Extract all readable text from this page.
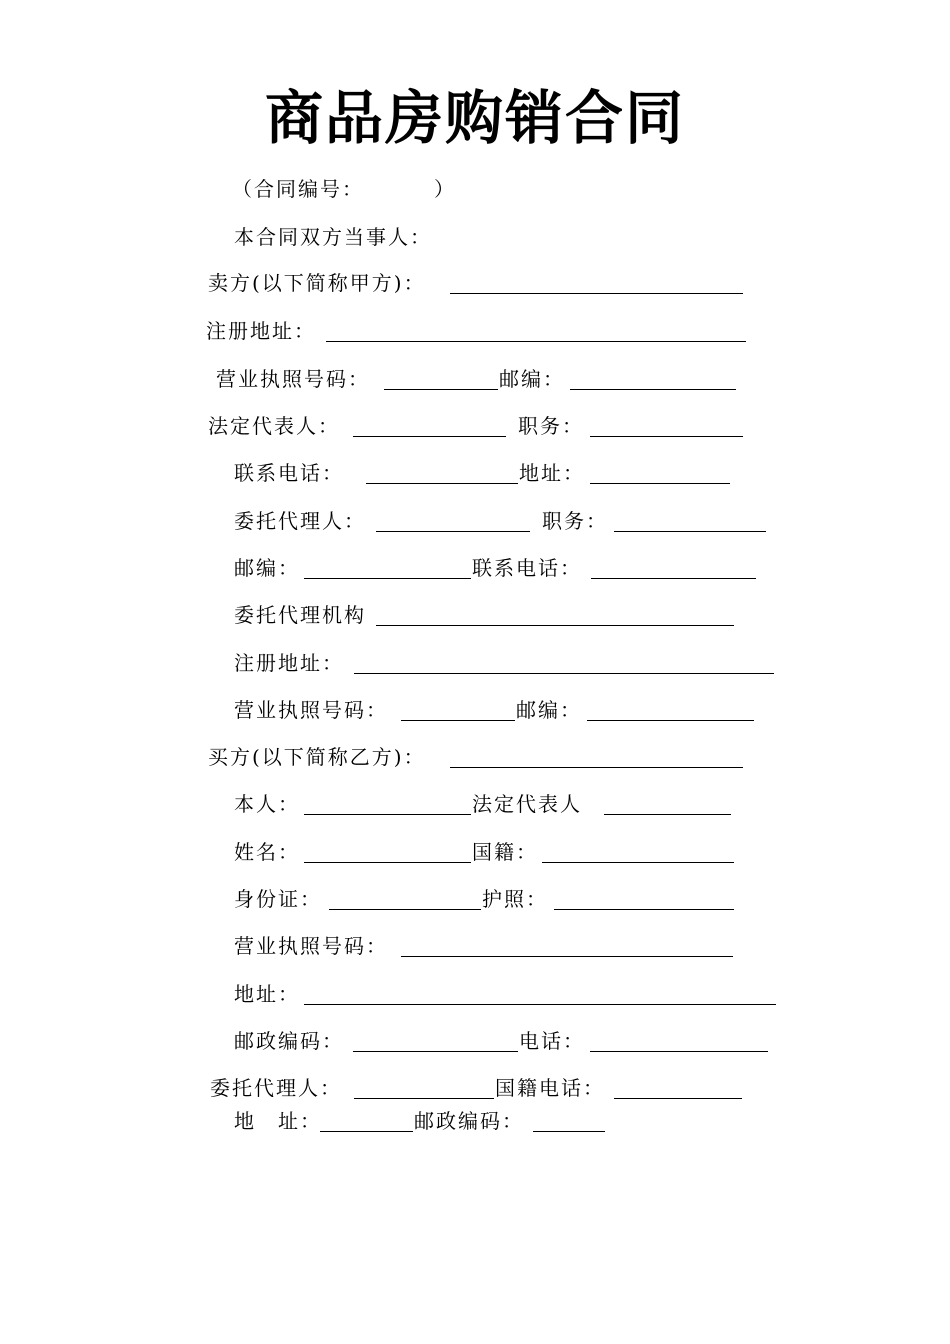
商品房购销合同
（合同编号：	）
本合同双方当事人：
卖方(以下简称甲方)：
注册地址：
营业执照号码：	邮编：
法定代表人：	职务：
联系电话：	地址：
委托代理人：	职务：
邮编：	联系电话：
委托代理机构
注册地址：
营业执照号码：	邮编：
买方(以下简称乙方)：
本人：	法定代表人
姓名：	国籍：
身份证：	护照：
营业执照号码：
地址：
邮政编码：	电话：
委托代理人：	国籍电话：
地　址：	邮政编码：
